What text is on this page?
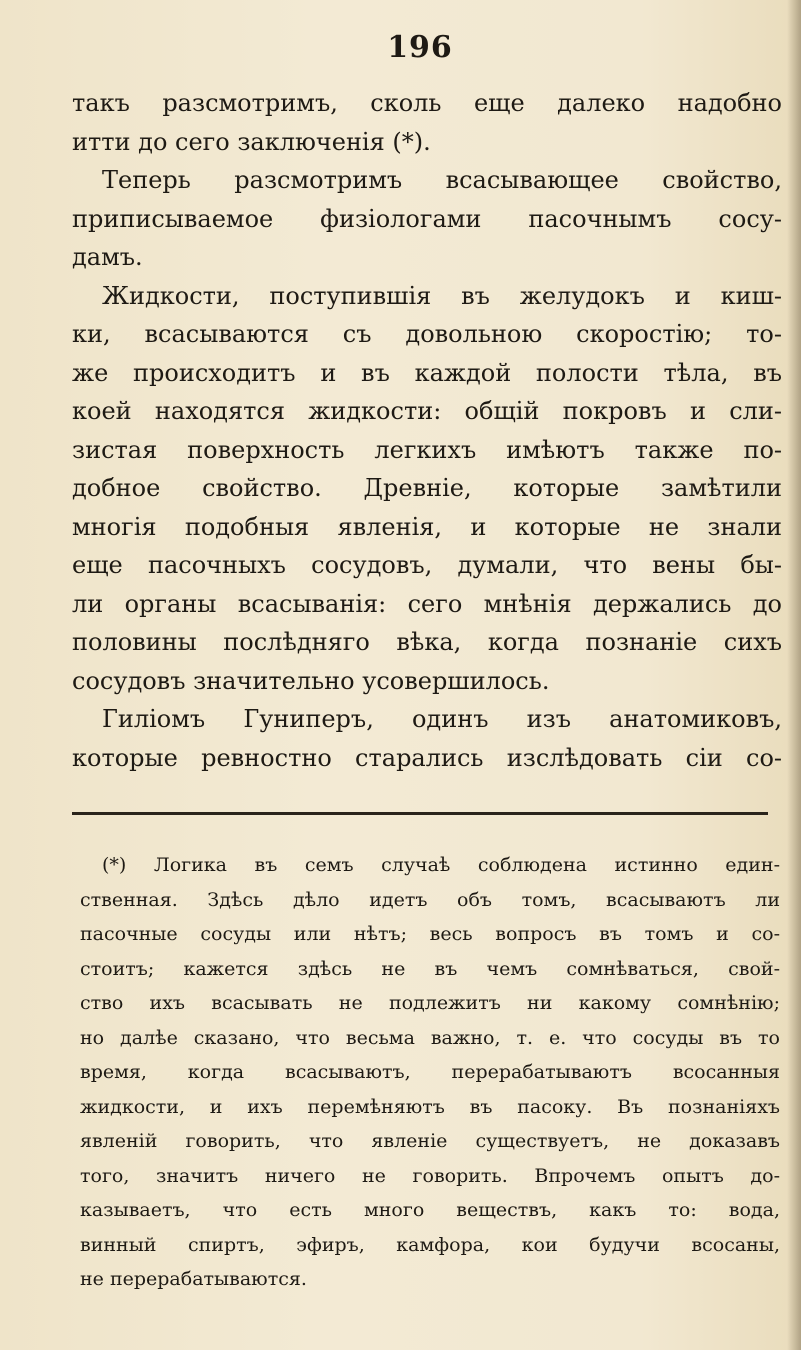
196
такъ разсмотримъ, сколь еще далеко надобно
итти до сего заключенія (*).
Теперь разсмотримъ всасывающее свойство,
приписываемое физіологами пасочнымъ сосу-
дамъ.
Жидкости, поступившія въ желудокъ и киш-
ки, всасываются съ довольною скоростію; то-
же происходитъ и въ каждой полости тѣла, въ
коей находятся жидкости: общій покровъ и сли-
зистая поверхность легкихъ имѣютъ также по-
добное свойство. Древніе, которые замѣтили
многія подобныя явленія, и которые не знали
еще пасочныхъ сосудовъ, думали, что вены бы-
ли органы всасыванія: сего мнѣнія держались до
половины послѣдняго вѣка, когда познаніе сихъ
сосудовъ значительно усовершилось.
Гиліомъ Гуниперъ, одинъ изъ анатомиковъ,
которые ревностно старались изслѣдовать сіи со-
(*) Логика въ семъ случаѣ соблюдена истинно един-
ственная. Здѣсь дѣло идетъ объ томъ, всасываютъ ли
пасочные сосуды или нѣтъ; весь вопросъ въ томъ и со-
стоитъ; кажется здѣсь не въ чемъ сомнѣваться, свой-
ство ихъ всасывать не подлежитъ ни какому сомнѣнію;
но далѣе сказано, что весьма важно, т. е. что сосуды въ то
время, когда всасываютъ, перерабатываютъ всосанныя
жидкости, и ихъ перемѣняютъ въ пасоку. Въ познаніяхъ
явленій говорить, что явленіе существуетъ, не доказавъ
того, значитъ ничего не говорить. Впрочемъ опытъ до-
казываетъ, что есть много веществъ, какъ то: вода,
винный спиртъ, эфиръ, камфора, кои будучи всосаны,
не перерабатываются.
